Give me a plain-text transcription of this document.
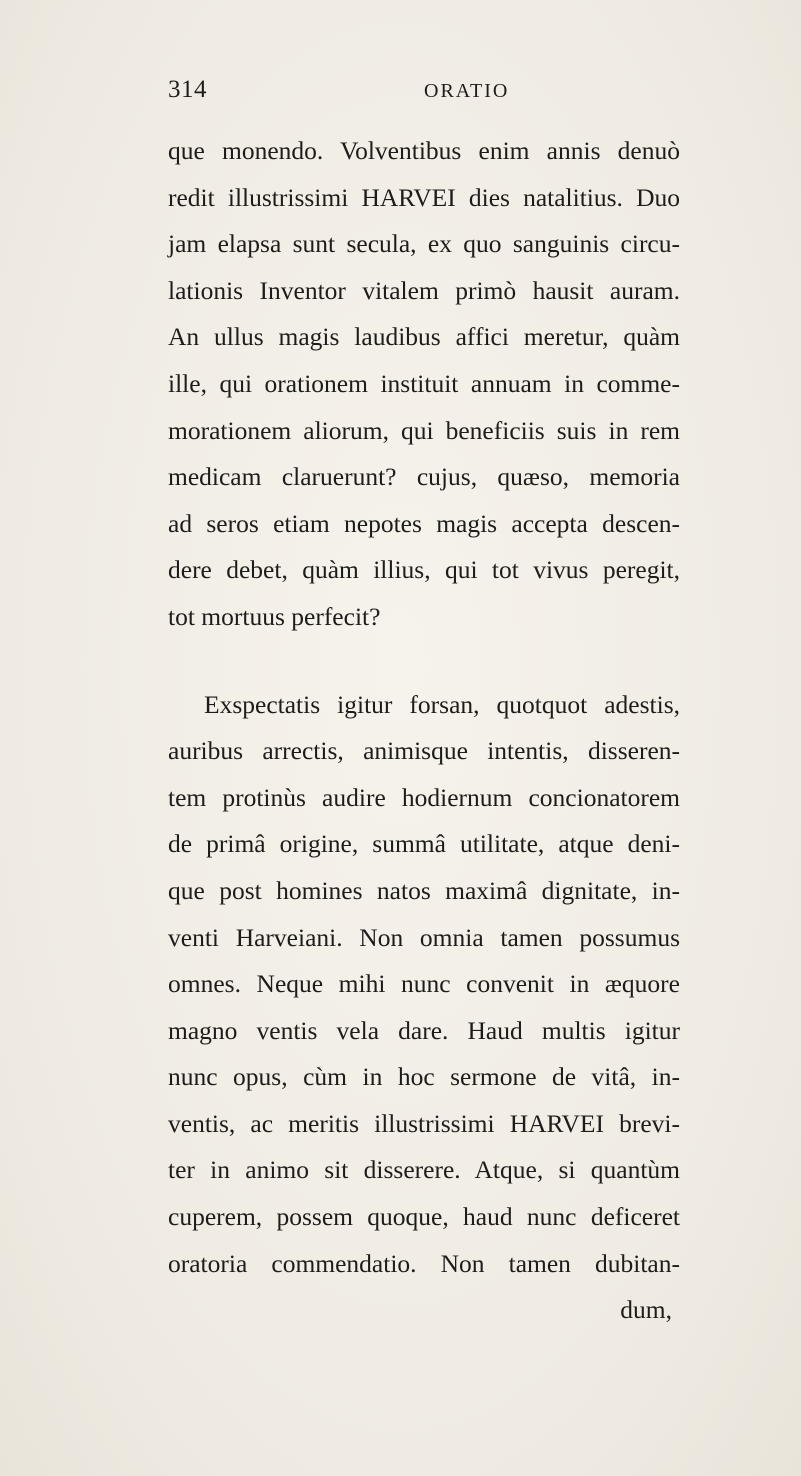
314	ORATIO
que monendo. Volventibus enim annis denuò
redit illustrissimi HARVEI dies natalitius. Duo
jam elapsa sunt secula, ex quo sanguinis circu-
lationis Inventor vitalem primò hausit auram.
An ullus magis laudibus affici meretur, quàm
ille, qui orationem instituit annuam in comme-
morationem aliorum, qui beneficiis suis in rem
medicam claruerunt? cujus, quæso, memoria
ad seros etiam nepotes magis accepta descen-
dere debet, quàm illius, qui tot vivus peregit,
tot mortuus perfecit?
Exspectatis igitur forsan, quotquot adestis,
auribus arrectis, animisque intentis, disseren-
tem protinùs audire hodiernum concionatorem
de primâ origine, summâ utilitate, atque deni-
que post homines natos maximâ dignitate, in-
venti Harveiani. Non omnia tamen possumus
omnes. Neque mihi nunc convenit in æquore
magno ventis vela dare. Haud multis igitur
nunc opus, cùm in hoc sermone de vitâ, in-
ventis, ac meritis illustrissimi HARVEI brevi-
ter in animo sit disserere. Atque, si quantùm
cuperem, possem quoque, haud nunc deficeret
oratoria commendatio. Non tamen dubitan-
dum,
